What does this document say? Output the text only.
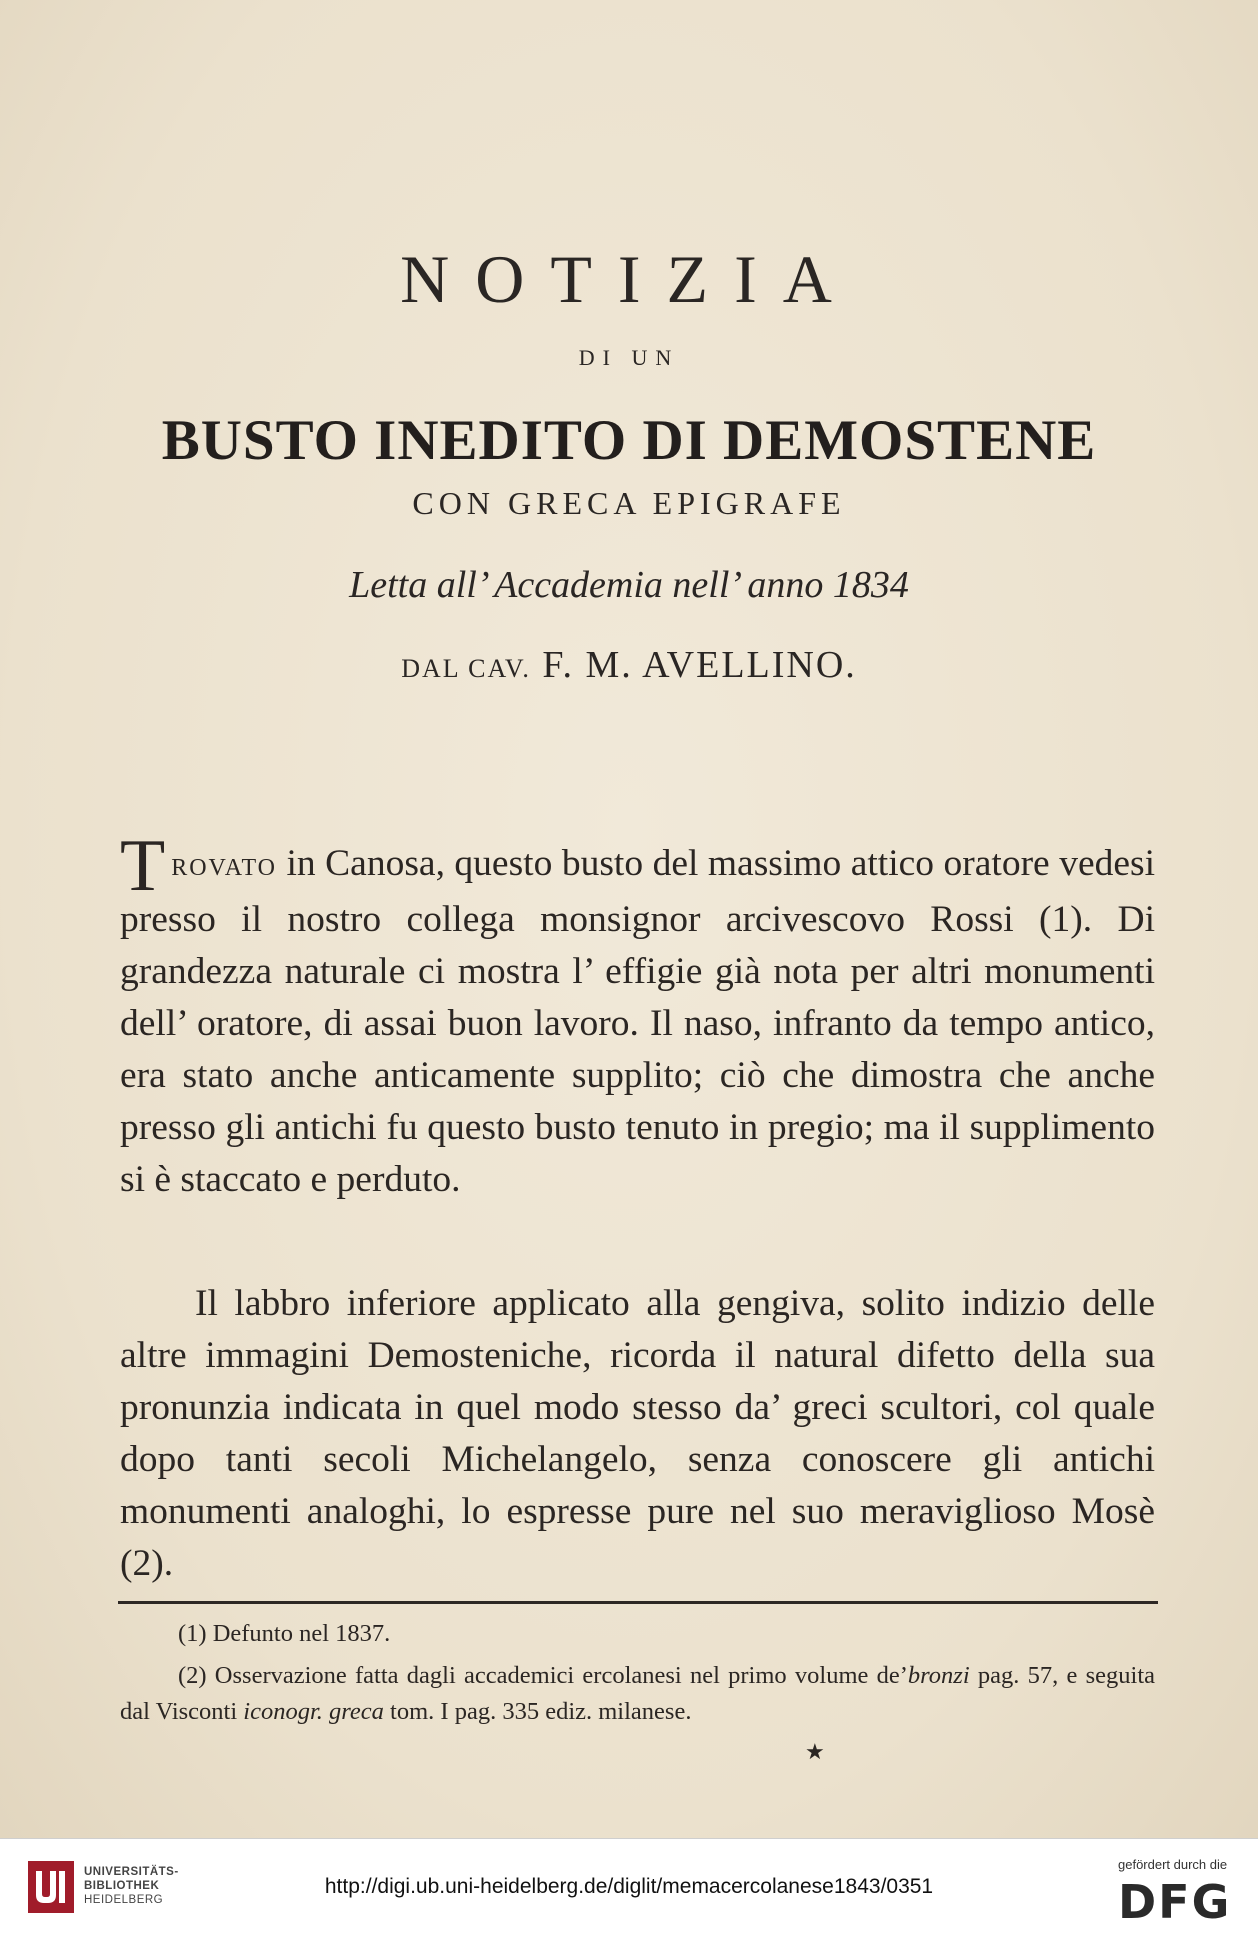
NOTIZIA
DI UN
BUSTO INEDITO DI DEMOSTENE
CON GRECA EPIGRAFE
Letta all’ Accademia nell’ anno 1834
DAL CAV. F. M. AVELLINO.
TROVATO in Canosa, questo busto del massimo attico oratore vedesi presso il nostro collega monsignor arcivescovo Rossi (1). Di grandezza naturale ci mostra l’ effigie già nota per altri monumenti dell’ oratore, di assai buon lavoro. Il naso, infranto da tempo antico, era stato anche anticamente supplito; ciò che dimostra che anche presso gli antichi fu questo busto tenuto in pregio; ma il supplimento si è staccato e perduto.
Il labbro inferiore applicato alla gengiva, solito indizio delle altre immagini Demosteniche, ricorda il natural difetto della sua pronunzia indicata in quel modo stesso da’ greci scultori, col quale dopo tanti secoli Michelangelo, senza conoscere gli antichi monumenti analoghi, lo espresse pure nel suo meraviglioso Mosè (2).
(1) Defunto nel 1837.
(2) Osservazione fatta dagli accademici ercolanesi nel primo volume de’bronzi pag. 57, e seguita dal Visconti iconogr. greca tom. I pag. 335 ediz. milanese.
★
UNIVERSITÄTS-
BIBLIOTHEK
HEIDELBERG
http://digi.ub.uni-heidelberg.de/diglit/memacercolanese1843/0351
gefördert durch die
DFG
